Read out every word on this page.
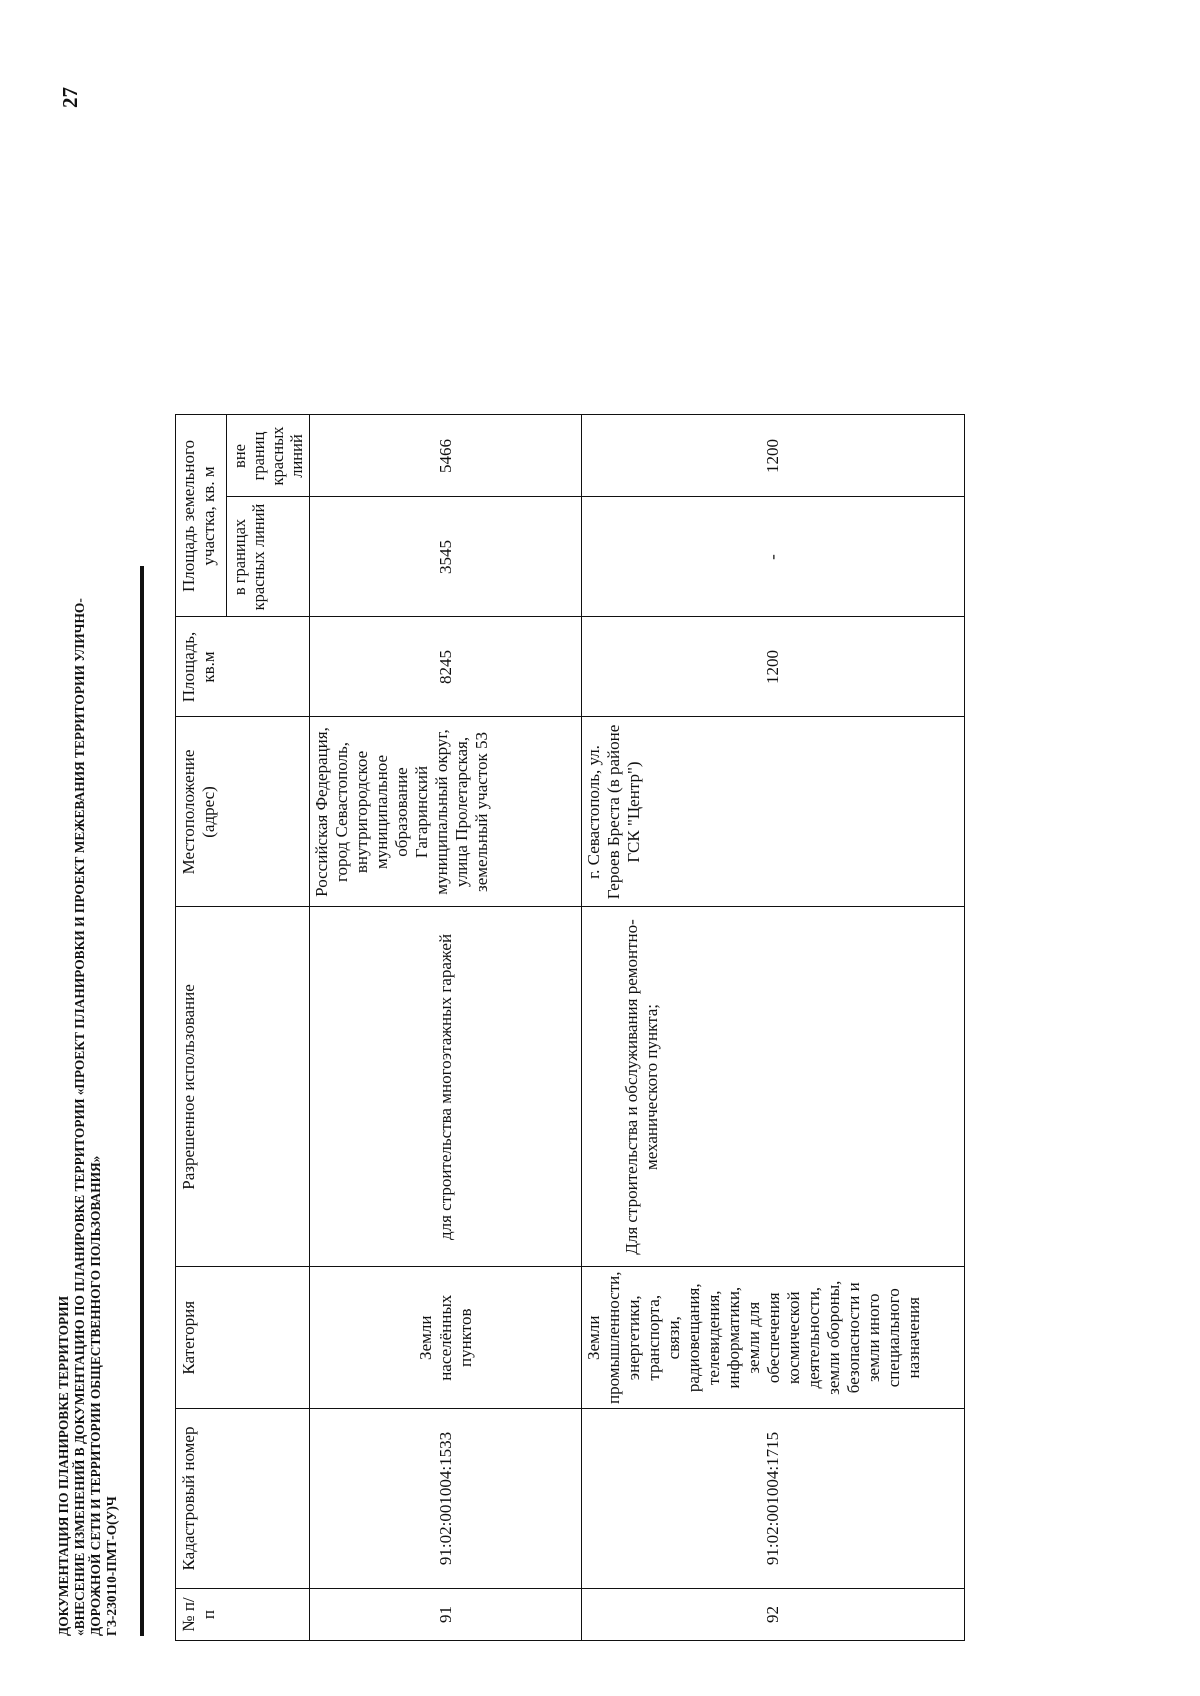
27
ДОКУМЕНТАЦИЯ ПО ПЛАНИРОВКЕ ТЕРРИТОРИИ «ВНЕСЕНИЕ ИЗМЕНЕНИЙ В ДОКУМЕНТАЦИЮ ПО ПЛАНИРОВКЕ ТЕРРИТОРИИ «ПРОЕКТ ПЛАНИРОВКИ И ПРОЕКТ МЕЖЕВАНИЯ ТЕРРИТОРИИ УЛИЧНО- ДОРОЖНОЙ СЕТИ И ТЕРРИТОРИИ ОБЩЕСТВЕННОГО ПОЛЬЗОВАНИЯ» ГЗ-230110-ПМТ-О(У)Ч	№ п/п	Кадастровый номер	Категория	Разрешенное использование	Местоположение (адрес)	Площадь, кв.м	Площадь земельного участка, кв. м	
						в границах красных линий	вне границ красных линий
91	91:02:001004:1533	Земли населённых пунктов	для строительства многоэтажных гаражей	Российская Федерация, город Севастополь, внутригородское муниципальное образование Гагаринский муниципальный округ, улица Пролетарская, земельный участок 53	8245	3545	5466
92	91:02:001004:1715	Земли промышленности, энергетики, транспорта, связи, радиовещания, телевидения, информатики, земли для обеспечения космической деятельности, земли обороны, безопасности и земли иного специального назначения	Для строительства и обслуживания ремонтно-механического пункта;	г. Севастополь, ул. Героев Бреста (в районе ГСК "Центр")	1200	-	1200
